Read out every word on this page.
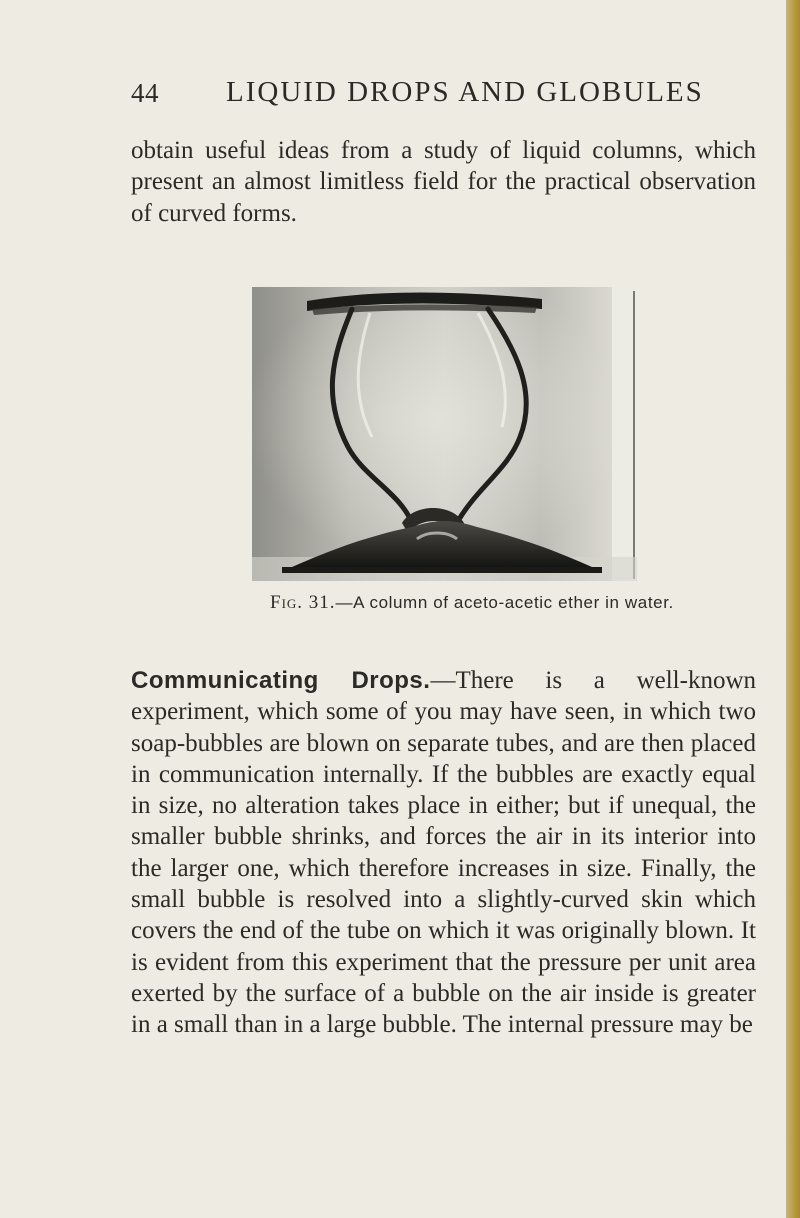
44 LIQUID DROPS AND GLOBULES
obtain useful ideas from a study of liquid columns, which present an almost limitless field for the practical observation of curved forms.
Fig. 31.—A column of aceto-acetic ether in water.
Communicating Drops.—There is a well-known experiment, which some of you may have seen, in which two soap-bubbles are blown on separate tubes, and are then placed in communication internally. If the bubbles are exactly equal in size, no alteration takes place in either; but if unequal, the smaller bubble shrinks, and forces the air in its interior into the larger one, which therefore increases in size. Finally, the small bubble is resolved into a slightly-curved skin which covers the end of the tube on which it was originally blown. It is evident from this experiment that the pressure per unit area exerted by the surface of a bubble on the air inside is greater in a small than in a large bubble. The internal pressure may be
